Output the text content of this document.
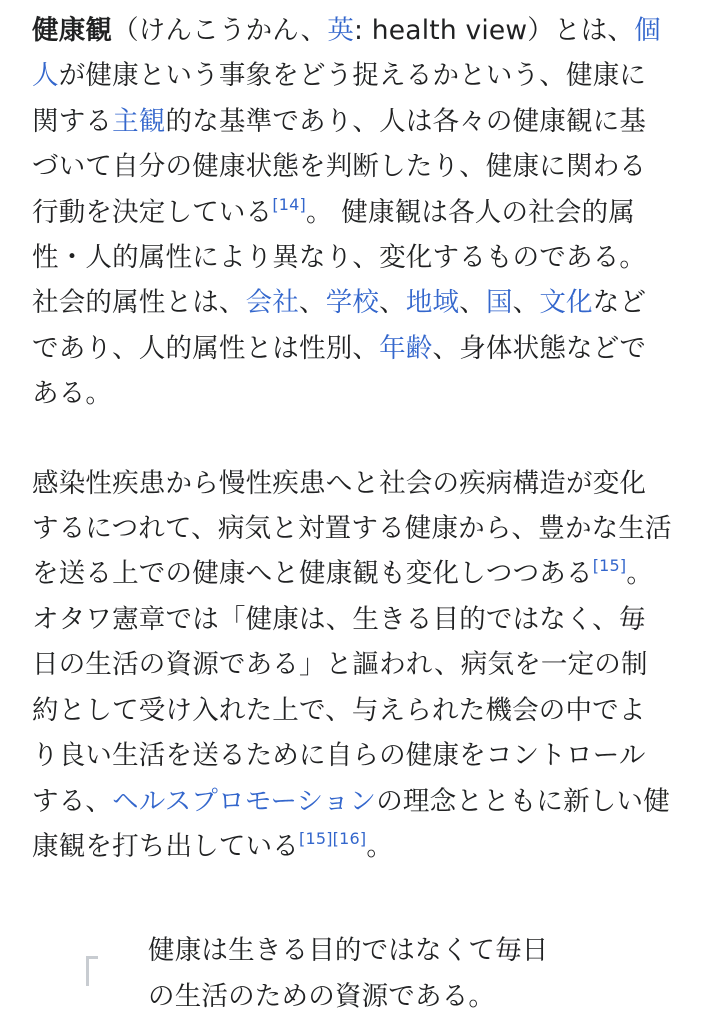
健康観（けんこうかん、英: health view）とは、個人が健康という事象をどう捉えるかという、健康に関する主観的な基準であり、人は各々の健康観に基づいて自分の健康状態を判断したり、健康に関わる行動を決定している[14]。 健康観は各人の社会的属性・人的属性により異なり、変化するものである。社会的属性とは、会社、学校、地域、国、文化などであり、人的属性とは性別、年齢、身体状態などである。

感染性疾患から慢性疾患へと社会の疾病構造が変化するにつれて、病気と対置する健康から、豊かな生活を送る上での健康へと健康観も変化しつつある[15]。オタワ憲章では「健康は、生きる目的ではなく、毎日の生活の資源である」と謳われ、病気を一定の制約として受け入れた上で、与えられた機会の中でより良い生活を送るために自らの健康をコントロールする、ヘルスプロモーションの理念とともに新しい健康観を打ち出している[15][16]。

健康は生きる目的ではなくて毎日
の生活のための資源である。
